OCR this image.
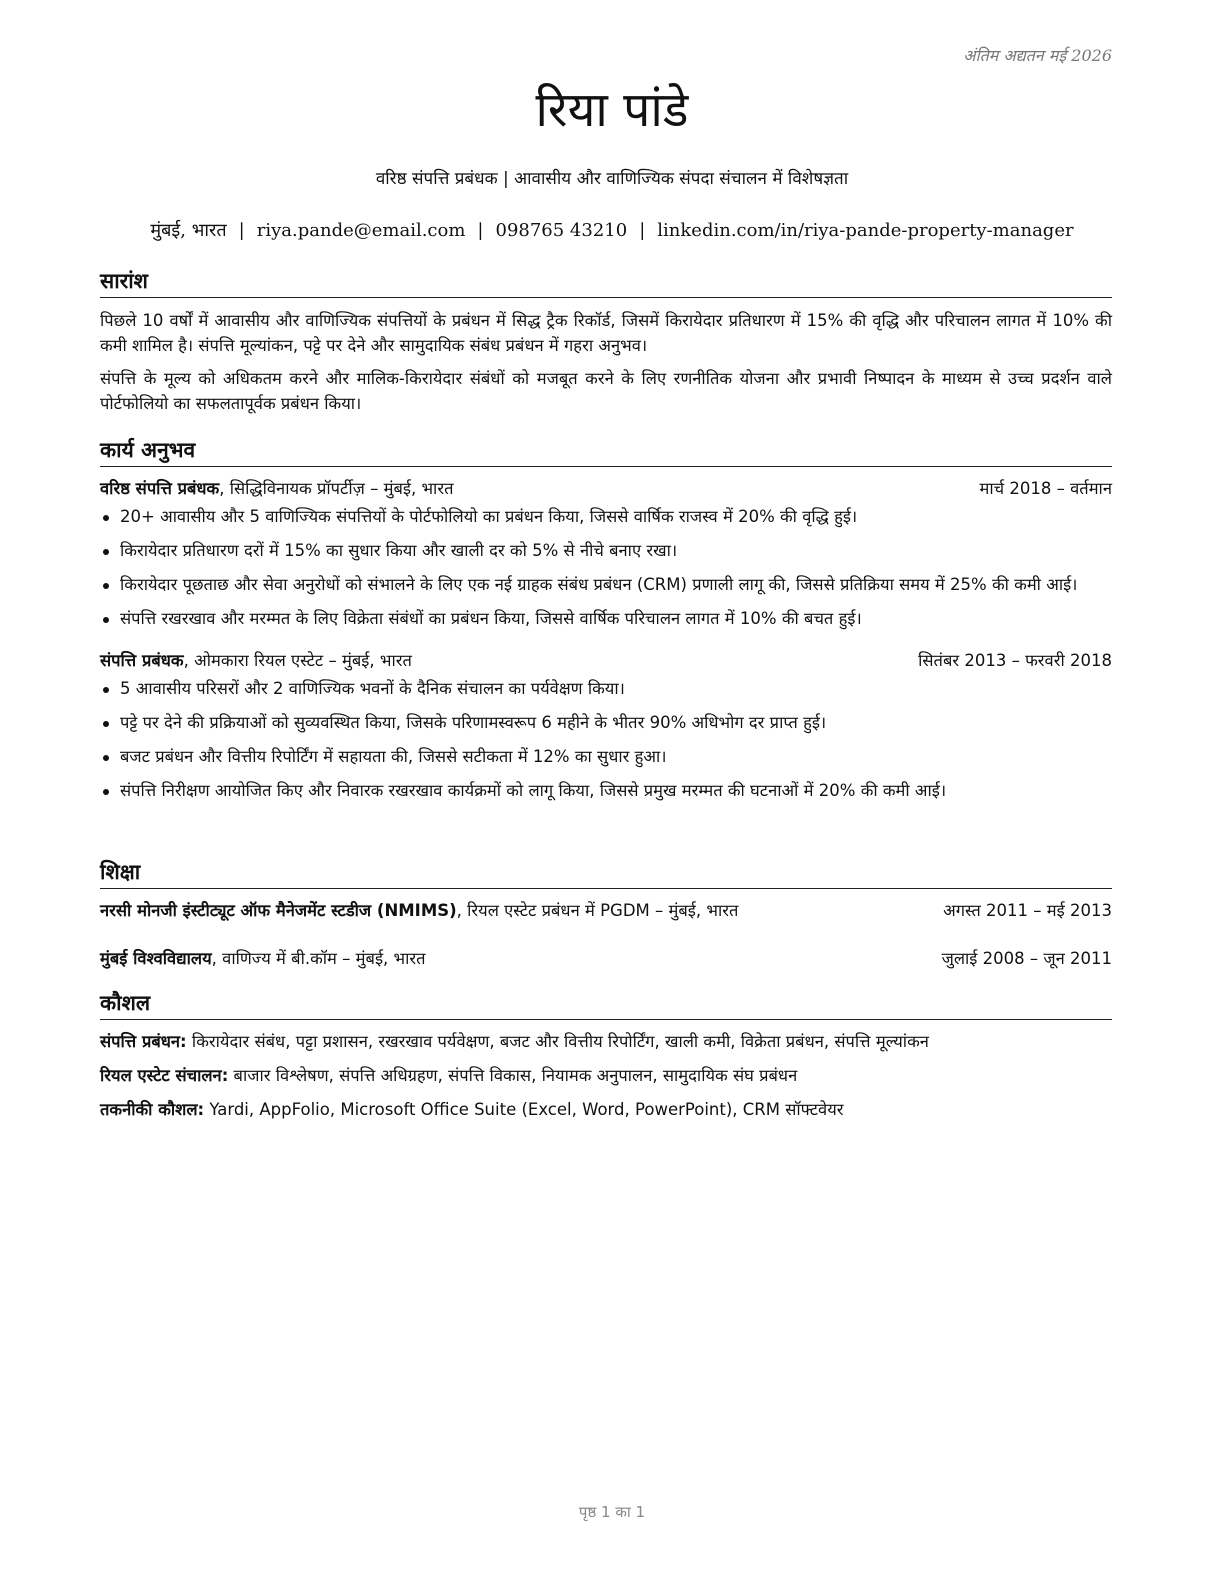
अंतिम अद्यतन मई 2026
रिया पांडे
वरिष्ठ संपत्ति प्रबंधक | आवासीय और वाणिज्यिक संपदा संचालन में विशेषज्ञता
मुंबई, भारत | riya.pande@email.com | 098765 43210 | linkedin.com/in/riya-pande-property-manager
सारांश

पिछले 10 वर्षों में आवासीय और वाणिज्यिक संपत्तियों के प्रबंधन में सिद्ध ट्रैक रिकॉर्ड, जिसमें किरायेदार प्रतिधारण में 15% की वृद्धि और परिचालन लागत में 10% की कमी शामिल है। संपत्ति मूल्यांकन, पट्टे पर देने और सामुदायिक संबंध प्रबंधन में गहरा अनुभव।

संपत्ति के मूल्य को अधिकतम करने और मालिक-किरायेदार संबंधों को मजबूत करने के लिए रणनीतिक योजना और प्रभावी निष्पादन के माध्यम से उच्च प्रदर्शन वाले पोर्टफोलियो का सफलतापूर्वक प्रबंधन किया।

कार्य अनुभव
वरिष्ठ संपत्ति प्रबंधक, सिद्धिविनायक प्रॉपर्टीज़ – मुंबई, भारत	मार्च 2018 – वर्तमान
20+ आवासीय और 5 वाणिज्यिक संपत्तियों के पोर्टफोलियो का प्रबंधन किया, जिससे वार्षिक राजस्व में 20% की वृद्धि हुई।
किरायेदार प्रतिधारण दरों में 15% का सुधार किया और खाली दर को 5% से नीचे बनाए रखा।
किरायेदार पूछताछ और सेवा अनुरोधों को संभालने के लिए एक नई ग्राहक संबंध प्रबंधन (CRM) प्रणाली लागू की, जिससे प्रतिक्रिया समय में 25% की कमी आई।
संपत्ति रखरखाव और मरम्मत के लिए विक्रेता संबंधों का प्रबंधन किया, जिससे वार्षिक परिचालन लागत में 10% की बचत हुई।
संपत्ति प्रबंधक, ओमकारा रियल एस्टेट – मुंबई, भारत	सितंबर 2013 – फरवरी 2018
5 आवासीय परिसरों और 2 वाणिज्यिक भवनों के दैनिक संचालन का पर्यवेक्षण किया।
पट्टे पर देने की प्रक्रियाओं को सुव्यवस्थित किया, जिसके परिणामस्वरूप 6 महीने के भीतर 90% अधिभोग दर प्राप्त हुई।
बजट प्रबंधन और वित्तीय रिपोर्टिंग में सहायता की, जिससे सटीकता में 12% का सुधार हुआ।
संपत्ति निरीक्षण आयोजित किए और निवारक रखरखाव कार्यक्रमों को लागू किया, जिससे प्रमुख मरम्मत की घटनाओं में 20% की कमी आई।
शिक्षा
नरसी मोनजी इंस्टीट्यूट ऑफ मैनेजमेंट स्टडीज (NMIMS), रियल एस्टेट प्रबंधन में PGDM – मुंबई, भारत	अगस्त 2011 – मई 2013
मुंबई विश्वविद्यालय, वाणिज्य में बी.कॉम – मुंबई, भारत	जुलाई 2008 – जून 2011
कौशल
संपत्ति प्रबंधन: किरायेदार संबंध, पट्टा प्रशासन, रखरखाव पर्यवेक्षण, बजट और वित्तीय रिपोर्टिंग, खाली कमी, विक्रेता प्रबंधन, संपत्ति मूल्यांकन
रियल एस्टेट संचालन: बाजार विश्लेषण, संपत्ति अधिग्रहण, संपत्ति विकास, नियामक अनुपालन, सामुदायिक संघ प्रबंधन
तकनीकी कौशल: Yardi, AppFolio, Microsoft Office Suite (Excel, Word, PowerPoint), CRM सॉफ्टवेयर
पृष्ठ 1 का 1
